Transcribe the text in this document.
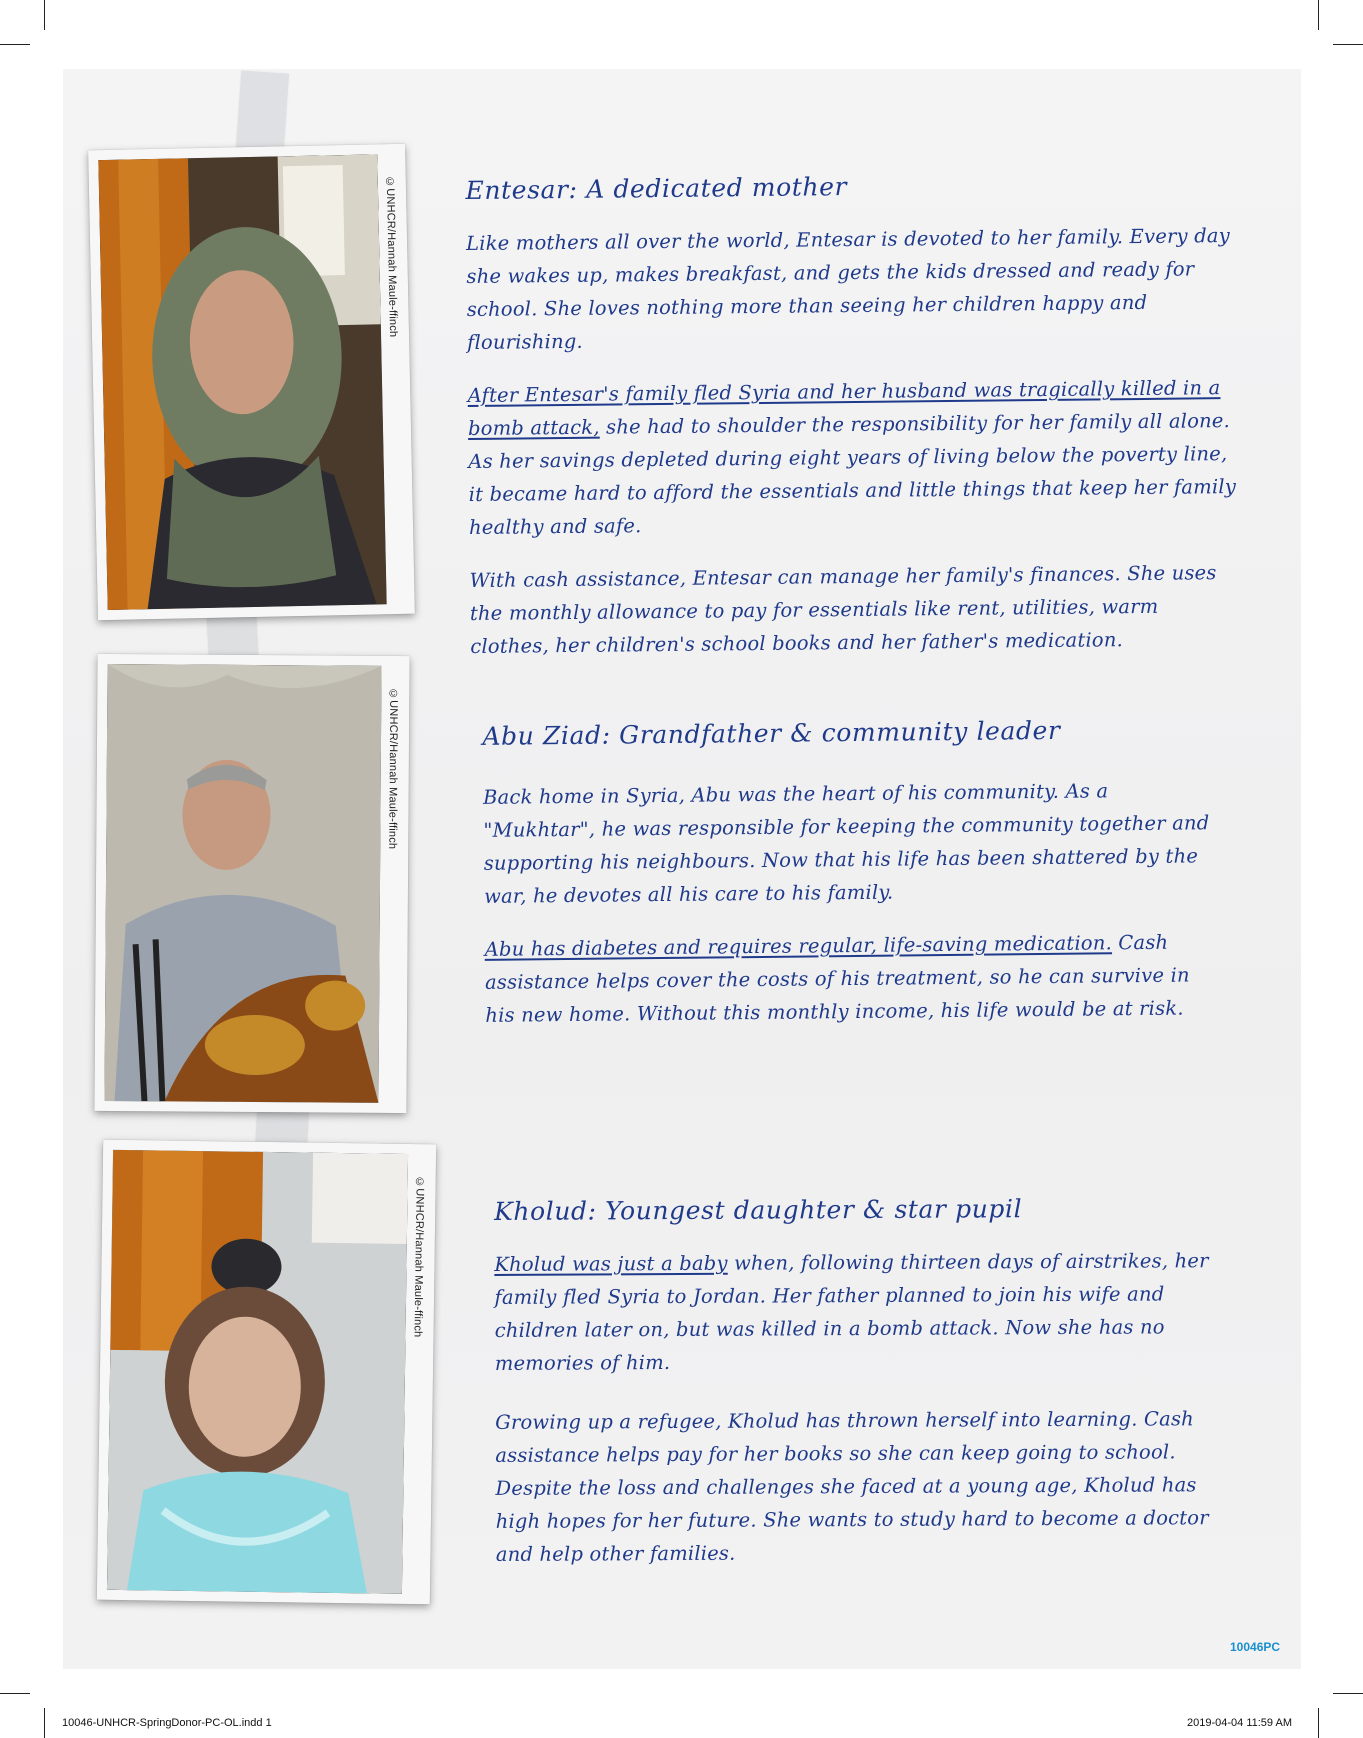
©UNHCR/Hannah Maule-ffinch
©UNHCR/Hannah Maule-ffinch
©UNHCR/Hannah Maule-ffinch
Entesar: A dedicated mother

Like mothers all over the world, Entesar is devoted to her family. Every day she wakes up, makes breakfast, and gets the kids dressed and ready for school. She loves nothing more than seeing her children happy and flourishing.

After Entesar's family fled Syria and her husband was tragically killed in a bomb attack, she had to shoulder the responsibility for her family all alone. As her savings depleted during eight years of living below the poverty line, it became hard to afford the essentials and little things that keep her family healthy and safe.

With cash assistance, Entesar can manage her family's finances. She uses the monthly allowance to pay for essentials like rent, utilities, warm clothes, her children's school books and her father's medication.

Abu Ziad: Grandfather & community leader

Back home in Syria, Abu was the heart of his community. As a "Mukhtar", he was responsible for keeping the community together and supporting his neighbours. Now that his life has been shattered by the war, he devotes all his care to his family.

Abu has diabetes and requires regular, life-saving medication. Cash assistance helps cover the costs of his treatment, so he can survive in his new home. Without this monthly income, his life would be at risk.

Kholud: Youngest daughter & star pupil

Kholud was just a baby when, following thirteen days of airstrikes, her family fled Syria to Jordan. Her father planned to join his wife and children later on, but was killed in a bomb attack. Now she has no memories of him.

Growing up a refugee, Kholud has thrown herself into learning. Cash assistance helps pay for her books so she can keep going to school. Despite the loss and challenges she faced at a young age, Kholud has high hopes for her future. She wants to study hard to become a doctor and help other families.

10046PC
10046-UNHCR-SpringDonor-PC-OL.indd 1	2019-04-04 11:59 AM
